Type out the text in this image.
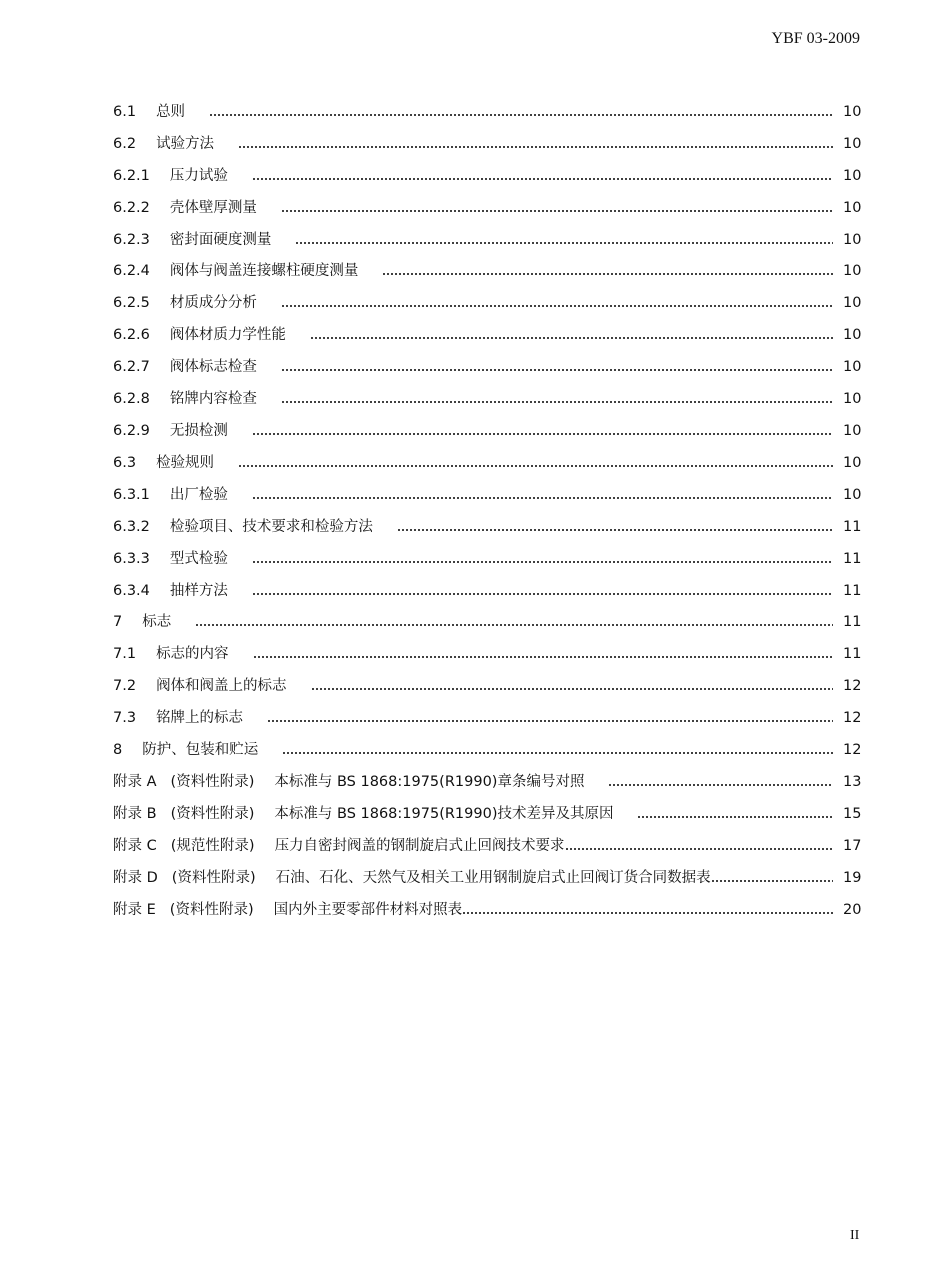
YBF 03-2009
6.1 总则	10
6.2 试验方法	10
6.2.1 压力试验	10
6.2.2 壳体壁厚测量	10
6.2.3 密封面硬度测量	10
6.2.4 阀体与阀盖连接螺柱硬度测量	10
6.2.5 材质成分分析	10
6.2.6 阀体材质力学性能	10
6.2.7 阀体标志检查	10
6.2.8 铭牌内容检查	10
6.2.9 无损检测	10
6.3 检验规则	10
6.3.1 出厂检验	10
6.3.2 检验项目、技术要求和检验方法	11
6.3.3 型式检验	11
6.3.4 抽样方法	11
7 标志	11
7.1 标志的内容	11
7.2 阀体和阀盖上的标志	12
7.3 铭牌上的标志	12
8 防护、包装和贮运	12
附录 A (资料性附录) 本标准与 BS 1868:1975(R1990)章条编号对照	13
附录 B (资料性附录) 本标准与 BS 1868:1975(R1990)技术差异及其原因	15
附录 C (规范性附录) 压力自密封阀盖的钢制旋启式止回阀技术要求	17
附录 D (资料性附录) 石油、石化、天然气及相关工业用钢制旋启式止回阀订货合同数据表	19
附录 E (资料性附录) 国内外主要零部件材料对照表	20
II
